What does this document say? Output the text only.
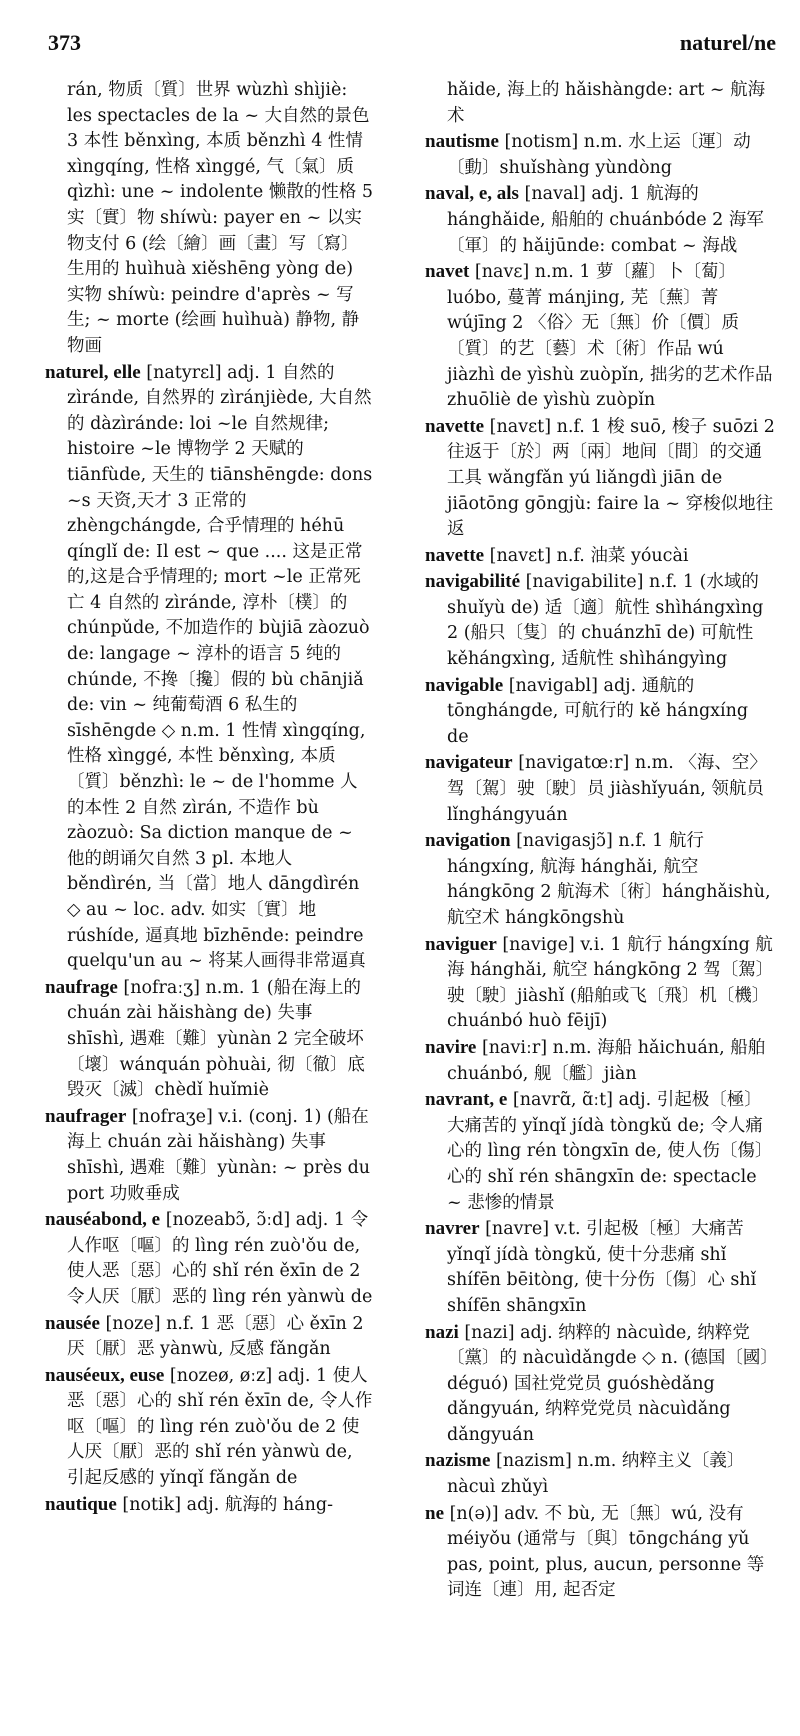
373	naturel/ne

rán, 物质〔質〕世界 wùzhì shìjiè: les spectacles de la ~ 大自然的景色 3 本性 běnxìng, 本质 běnzhì 4 性情 xìngqíng, 性格 xìnggé, 气〔氣〕质 qìzhì: une ~ indolente 懒散的性格 5 实〔實〕物 shíwù: payer en ~ 以实物支付 6 (绘〔繪〕画〔畫〕写〔寫〕生用的 huìhuà xiěshēng yòng de) 实物 shíwù: peindre d'après ~ 写生; ~ morte (绘画 huìhuà) 静物, 静物画

naturel, elle [natyrɛl] adj. 1 自然的 zìránde, 自然界的 zìránjiède, 大自然的 dàzìránde: loi ~le 自然规律; histoire ~le 博物学 2 天赋的 tiānfùde, 天生的 tiānshēngde: dons ~s 天资,天才 3 正常的 zhèngchángde, 合乎情理的 héhū qínglǐ de: Il est ~ que .... 这是正常的,这是合乎情理的; mort ~le 正常死亡 4 自然的 zìránde, 淳朴〔樸〕的 chúnpǔde, 不加造作的 bùjiā zàozuò de: langage ~ 淳朴的语言 5 纯的 chúnde, 不搀〔攙〕假的 bù chānjiǎ de: vin ~ 纯葡萄酒 6 私生的 sīshēngde ◇ n.m. 1 性情 xìngqíng, 性格 xìnggé, 本性 běnxìng, 本质〔質〕běnzhì: le ~ de l'homme 人的本性 2 自然 zìrán, 不造作 bù zàozuò: Sa diction manque de ~ 他的朗诵欠自然 3 pl. 本地人 běndìrén, 当〔當〕地人 dāngdìrén ◇ au ~ loc. adv. 如实〔實〕地 rúshíde, 逼真地 bīzhēnde: peindre quelqu'un au ~ 将某人画得非常逼真

naufrage [nofraːʒ] n.m. 1 (船在海上的 chuán zài hǎishàng de) 失事 shīshì, 遇难〔難〕yùnàn 2 完全破坏〔壞〕wánquán pòhuài, 彻〔徹〕底毁灭〔滅〕chèdǐ huǐmiè

naufrager [nofraʒe] v.i. (conj. 1) (船在海上 chuán zài hǎishàng) 失事 shīshì, 遇难〔難〕yùnàn: ~ près du port 功败垂成

nauséabond, e [nozeabɔ̃, ɔ̃ːd] adj. 1 令人作呕〔嘔〕的 lìng rén zuò'ǒu de, 使人恶〔惡〕心的 shǐ rén ěxīn de 2 令人厌〔厭〕恶的 lìng rén yànwù de

nausée [noze] n.f. 1 恶〔惡〕心 ěxīn 2 厌〔厭〕恶 yànwù, 反感 fǎngǎn

nauséeux, euse [nozeø, øːz] adj. 1 使人恶〔惡〕心的 shǐ rén ěxīn de, 令人作呕〔嘔〕的 lìng rén zuò'ǒu de 2 使人厌〔厭〕恶的 shǐ rén yànwù de, 引起反感的 yǐnqǐ fǎngǎn de

nautique [notik] adj. 航海的 háng-

hǎide, 海上的 hǎishàngde: art ~ 航海术

nautisme [notism] n.m. 水上运〔運〕动〔動〕shuǐshàng yùndòng

naval, e, als [naval] adj. 1 航海的 hánghǎide, 船舶的 chuánbóde 2 海军〔軍〕的 hǎijūnde: combat ~ 海战

navet [navɛ] n.m. 1 萝〔蘿〕卜〔蔔〕luóbo, 蔓菁 mánjing, 芜〔蕪〕菁 wújīng 2 〈俗〉无〔無〕价〔價〕质〔質〕的艺〔藝〕术〔術〕作品 wú jiàzhì de yìshù zuòpǐn, 拙劣的艺术作品 zhuōliè de yìshù zuòpǐn

navette [navɛt] n.f. 1 梭 suō, 梭子 suōzi 2 往返于〔於〕两〔兩〕地间〔間〕的交通工具 wǎngfǎn yú liǎngdì jiān de jiāotōng gōngjù: faire la ~ 穿梭似地往返

navette [navɛt] n.f. 油菜 yóucài

navigabilité [navigabilite] n.f. 1 (水域的 shuǐyù de) 适〔適〕航性 shìhángxìng 2 (船只〔隻〕的 chuánzhī de) 可航性 kěhángxìng, 适航性 shìhángyìng

navigable [navigabl] adj. 通航的 tōnghángde, 可航行的 kě hángxíng de

navigateur [navigatœːr] n.m. 〈海、空〉驾〔駕〕驶〔駛〕员 jiàshǐyuán, 领航员 lǐnghángyuán

navigation [navigasjɔ̃] n.f. 1 航行 hángxíng, 航海 hánghǎi, 航空 hángkōng 2 航海术〔術〕hánghǎishù, 航空术 hángkōngshù

naviguer [navige] v.i. 1 航行 hángxíng 航海 hánghǎi, 航空 hángkōng 2 驾〔駕〕驶〔駛〕jiàshǐ (船舶或飞〔飛〕机〔機〕chuánbó huò fēijī)

navire [naviːr] n.m. 海船 hǎichuán, 船舶 chuánbó, 舰〔艦〕jiàn

navrant, e [navrɑ̃, ɑ̃ːt] adj. 引起极〔極〕大痛苦的 yǐnqǐ jídà tòngkǔ de; 令人痛心的 lìng rén tòngxīn de, 使人伤〔傷〕心的 shǐ rén shāngxīn de: spectacle ~ 悲惨的情景

navrer [navre] v.t. 引起极〔極〕大痛苦 yǐnqǐ jídà tòngkǔ, 使十分悲痛 shǐ shífēn bēitòng, 使十分伤〔傷〕心 shǐ shífēn shāngxīn

nazi [nazi] adj. 纳粹的 nàcuìde, 纳粹党〔黨〕的 nàcuìdǎngde ◇ n. (德国〔國〕déguó) 国社党党员 guóshèdǎng dǎngyuán, 纳粹党党员 nàcuìdǎng dǎngyuán

nazisme [nazism] n.m. 纳粹主义〔義〕nàcuì zhǔyì

ne [n(ə)] adv. 不 bù, 无〔無〕wú, 没有 méiyǒu (通常与〔與〕tōngcháng yǔ pas, point, plus, aucun, personne 等词连〔連〕用, 起否定
